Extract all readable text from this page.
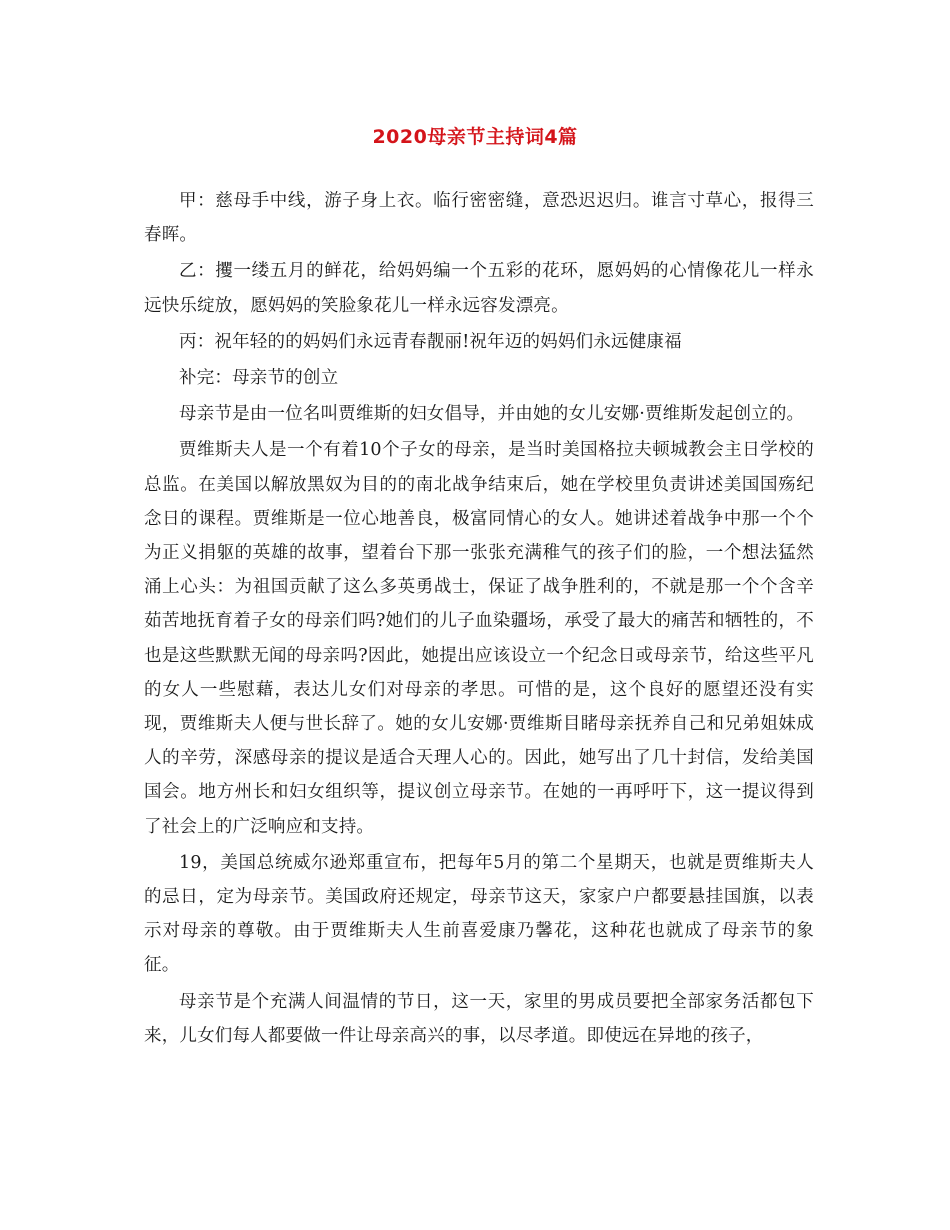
2020母亲节主持词4篇

甲：慈母手中线，游子身上衣。临行密密缝，意恐迟迟归。谁言寸草心，报得三春晖。

乙：攫一缕五月的鲜花，给妈妈编一个五彩的花环，愿妈妈的心情像花儿一样永远快乐绽放，愿妈妈的笑脸象花儿一样永远容发漂亮。

丙：祝年轻的的妈妈们永远青春靓丽!祝年迈的妈妈们永远健康福

补完：母亲节的创立

母亲节是由一位名叫贾维斯的妇女倡导，并由她的女儿安娜·贾维斯发起创立的。

贾维斯夫人是一个有着10个子女的母亲，是当时美国格拉夫顿城教会主日学校的总监。在美国以解放黑奴为目的的南北战争结束后，她在学校里负责讲述美国国殇纪念日的课程。贾维斯是一位心地善良，极富同情心的女人。她讲述着战争中那一个个为正义捐躯的英雄的故事，望着台下那一张张充满稚气的孩子们的脸，一个想法猛然涌上心头：为祖国贡献了这么多英勇战士，保证了战争胜利的，不就是那一个个含辛茹苦地抚育着子女的母亲们吗?她们的儿子血染疆场，承受了最大的痛苦和牺牲的，不也是这些默默无闻的母亲吗?因此，她提出应该设立一个纪念日或母亲节，给这些平凡的女人一些慰藉，表达儿女们对母亲的孝思。可惜的是，这个良好的愿望还没有实现，贾维斯夫人便与世长辞了。她的女儿安娜·贾维斯目睹母亲抚养自己和兄弟姐妹成人的辛劳，深感母亲的提议是适合天理人心的。因此，她写出了几十封信，发给美国国会。地方州长和妇女组织等，提议创立母亲节。在她的一再呼吁下，这一提议得到了社会上的广泛响应和支持。

19，美国总统威尔逊郑重宣布，把每年5月的第二个星期天，也就是贾维斯夫人的忌日，定为母亲节。美国政府还规定，母亲节这天，家家户户都要悬挂国旗，以表示对母亲的尊敬。由于贾维斯夫人生前喜爱康乃馨花，这种花也就成了母亲节的象征。

母亲节是个充满人间温情的节日，这一天，家里的男成员要把全部家务活都包下来，儿女们每人都要做一件让母亲高兴的事，以尽孝道。即使远在异地的孩子，
